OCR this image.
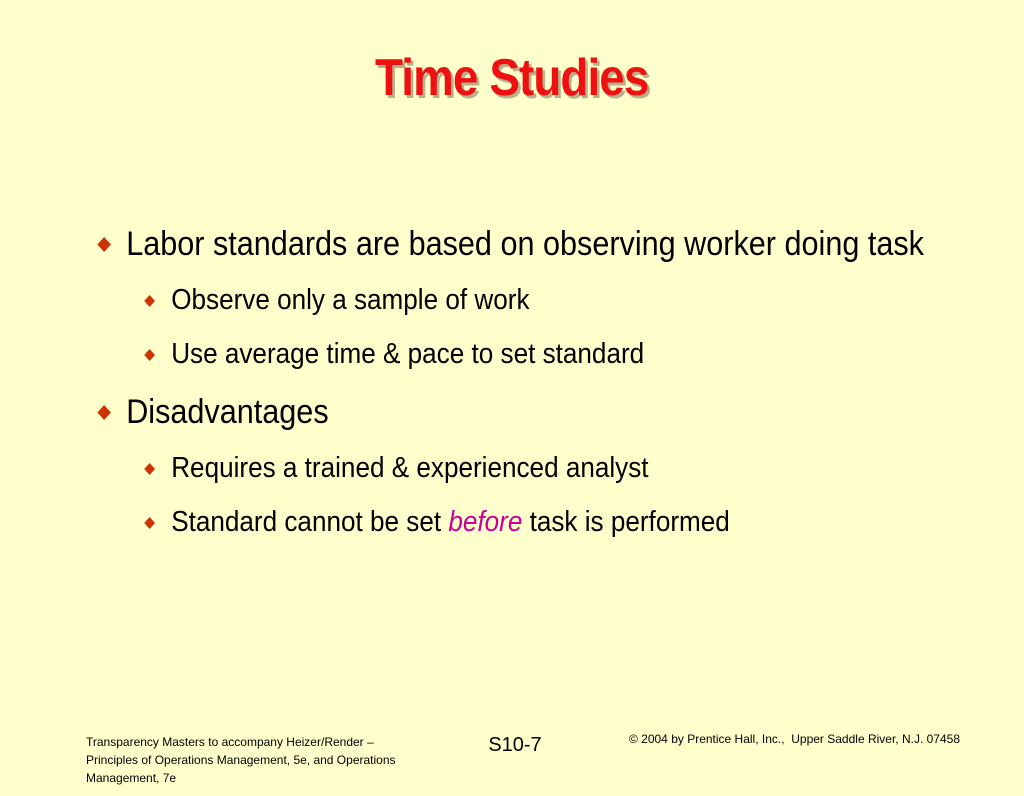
Time Studies
Labor standards are based on observing worker doing task
Observe only a sample of work
Use average time & pace to set standard
Disadvantages
Requires a trained & experienced analyst
Standard cannot be set before task is performed
Transparency Masters to accompany Heizer/Render – Principles of Operations Management, 5e, and Operations Management, 7e
S10-7	© 2004 by Prentice Hall, Inc.,  Upper Saddle River, N.J. 07458
